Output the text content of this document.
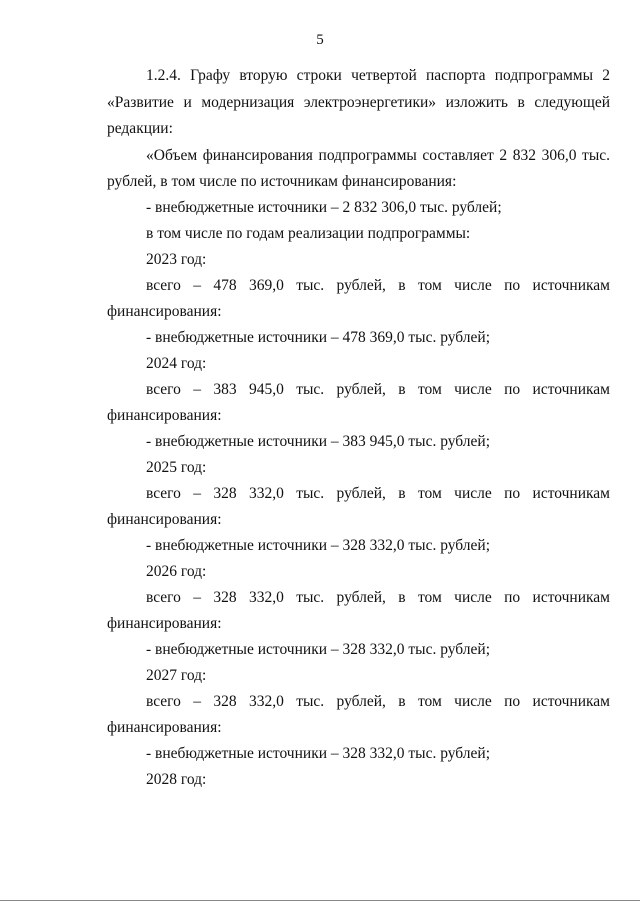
5
1.2.4. Графу вторую строки четвертой паспорта подпрограммы 2
«Развитие и модернизация электроэнергетики» изложить в следующей
редакции:
«Объем финансирования подпрограммы составляет 2 832 306,0 тыс.
рублей, в том числе по источникам финансирования:
- внебюджетные источники – 2 832 306,0 тыс. рублей;
в том числе по годам реализации подпрограммы:
2023 год:
всего – 478 369,0 тыс. рублей, в том числе по источникам
финансирования:
- внебюджетные источники – 478 369,0 тыс. рублей;
2024 год:
всего – 383 945,0 тыс. рублей, в том числе по источникам
финансирования:
- внебюджетные источники – 383 945,0 тыс. рублей;
2025 год:
всего – 328 332,0 тыс. рублей, в том числе по источникам
финансирования:
- внебюджетные источники – 328 332,0 тыс. рублей;
2026 год:
всего – 328 332,0 тыс. рублей, в том числе по источникам
финансирования:
- внебюджетные источники – 328 332,0 тыс. рублей;
2027 год:
всего – 328 332,0 тыс. рублей, в том числе по источникам
финансирования:
- внебюджетные источники – 328 332,0 тыс. рублей;
2028 год:
